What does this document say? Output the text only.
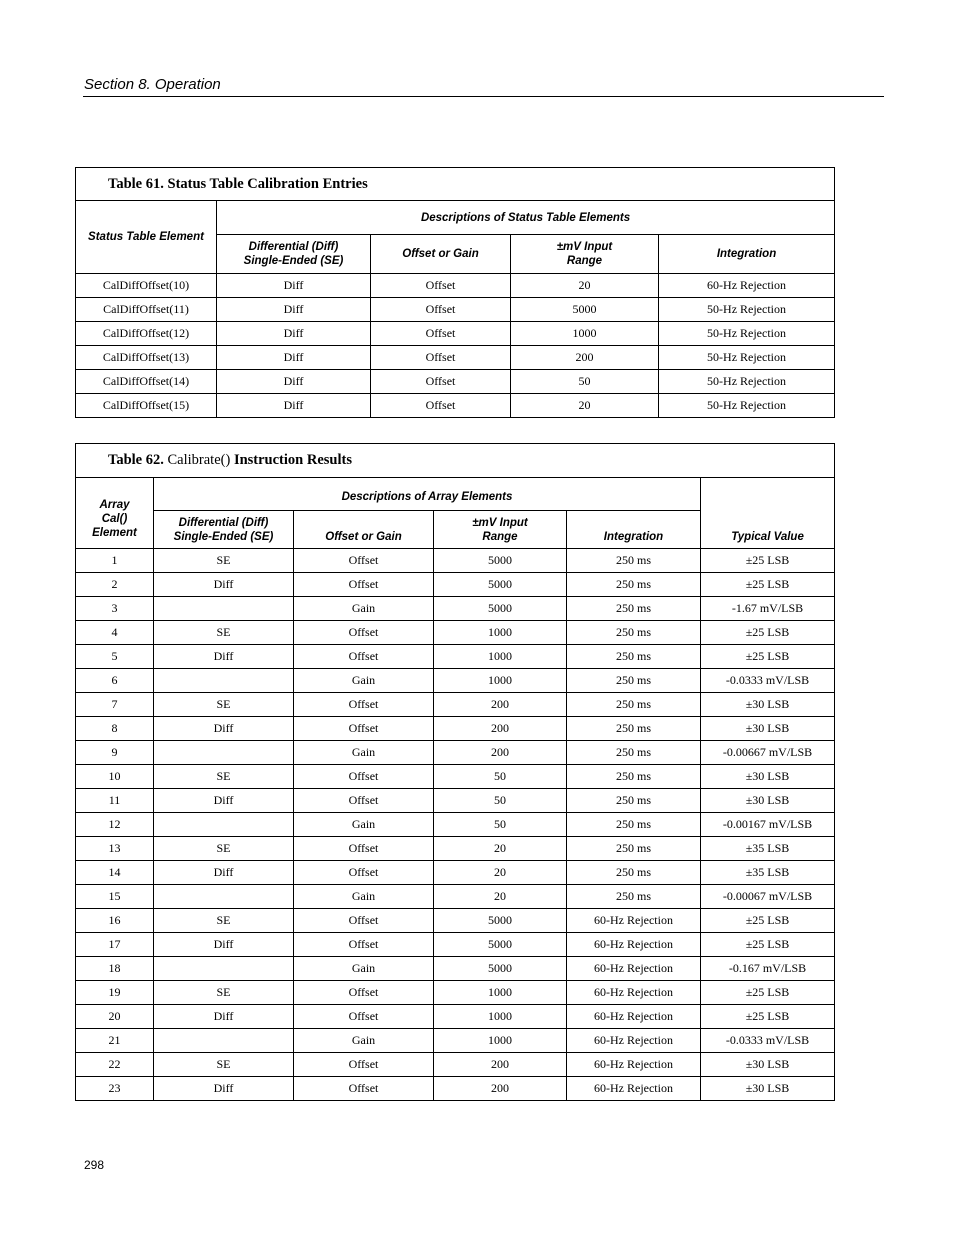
Section 8. Operation
Table 61. Status Table Calibration Entries				
Status Table Element	Descriptions of Status Table Elements			
	Differential (Diff)
Single-Ended (SE)	Offset or Gain	±mV Input
Range	Integration
CalDiffOffset(10)	Diff	Offset	20	60-Hz Rejection
CalDiffOffset(11)	Diff	Offset	5000	50-Hz Rejection
CalDiffOffset(12)	Diff	Offset	1000	50-Hz Rejection
CalDiffOffset(13)	Diff	Offset	200	50-Hz Rejection
CalDiffOffset(14)	Diff	Offset	50	50-Hz Rejection
CalDiffOffset(15)	Diff	Offset	20	50-Hz Rejection
Table 62. Calibrate() Instruction Results					
Array
Cal()
Element	Descriptions of Array Elements				Typical Value
	Differential (Diff)
Single-Ended (SE)	Offset or Gain	±mV Input
Range	Integration	
1	SE	Offset	5000	250 ms	±25 LSB
2	Diff	Offset	5000	250 ms	±25 LSB
3		Gain	5000	250 ms	-1.67 mV/LSB
4	SE	Offset	1000	250 ms	±25 LSB
5	Diff	Offset	1000	250 ms	±25 LSB
6		Gain	1000	250 ms	-0.0333 mV/LSB
7	SE	Offset	200	250 ms	±30 LSB
8	Diff	Offset	200	250 ms	±30 LSB
9		Gain	200	250 ms	-0.00667 mV/LSB
10	SE	Offset	50	250 ms	±30 LSB
11	Diff	Offset	50	250 ms	±30 LSB
12		Gain	50	250 ms	-0.00167 mV/LSB
13	SE	Offset	20	250 ms	±35 LSB
14	Diff	Offset	20	250 ms	±35 LSB
15		Gain	20	250 ms	-0.00067 mV/LSB
16	SE	Offset	5000	60-Hz Rejection	±25 LSB
17	Diff	Offset	5000	60-Hz Rejection	±25 LSB
18		Gain	5000	60-Hz Rejection	-0.167 mV/LSB
19	SE	Offset	1000	60-Hz Rejection	±25 LSB
20	Diff	Offset	1000	60-Hz Rejection	±25 LSB
21		Gain	1000	60-Hz Rejection	-0.0333 mV/LSB
22	SE	Offset	200	60-Hz Rejection	±30 LSB
23	Diff	Offset	200	60-Hz Rejection	±30 LSB
298
